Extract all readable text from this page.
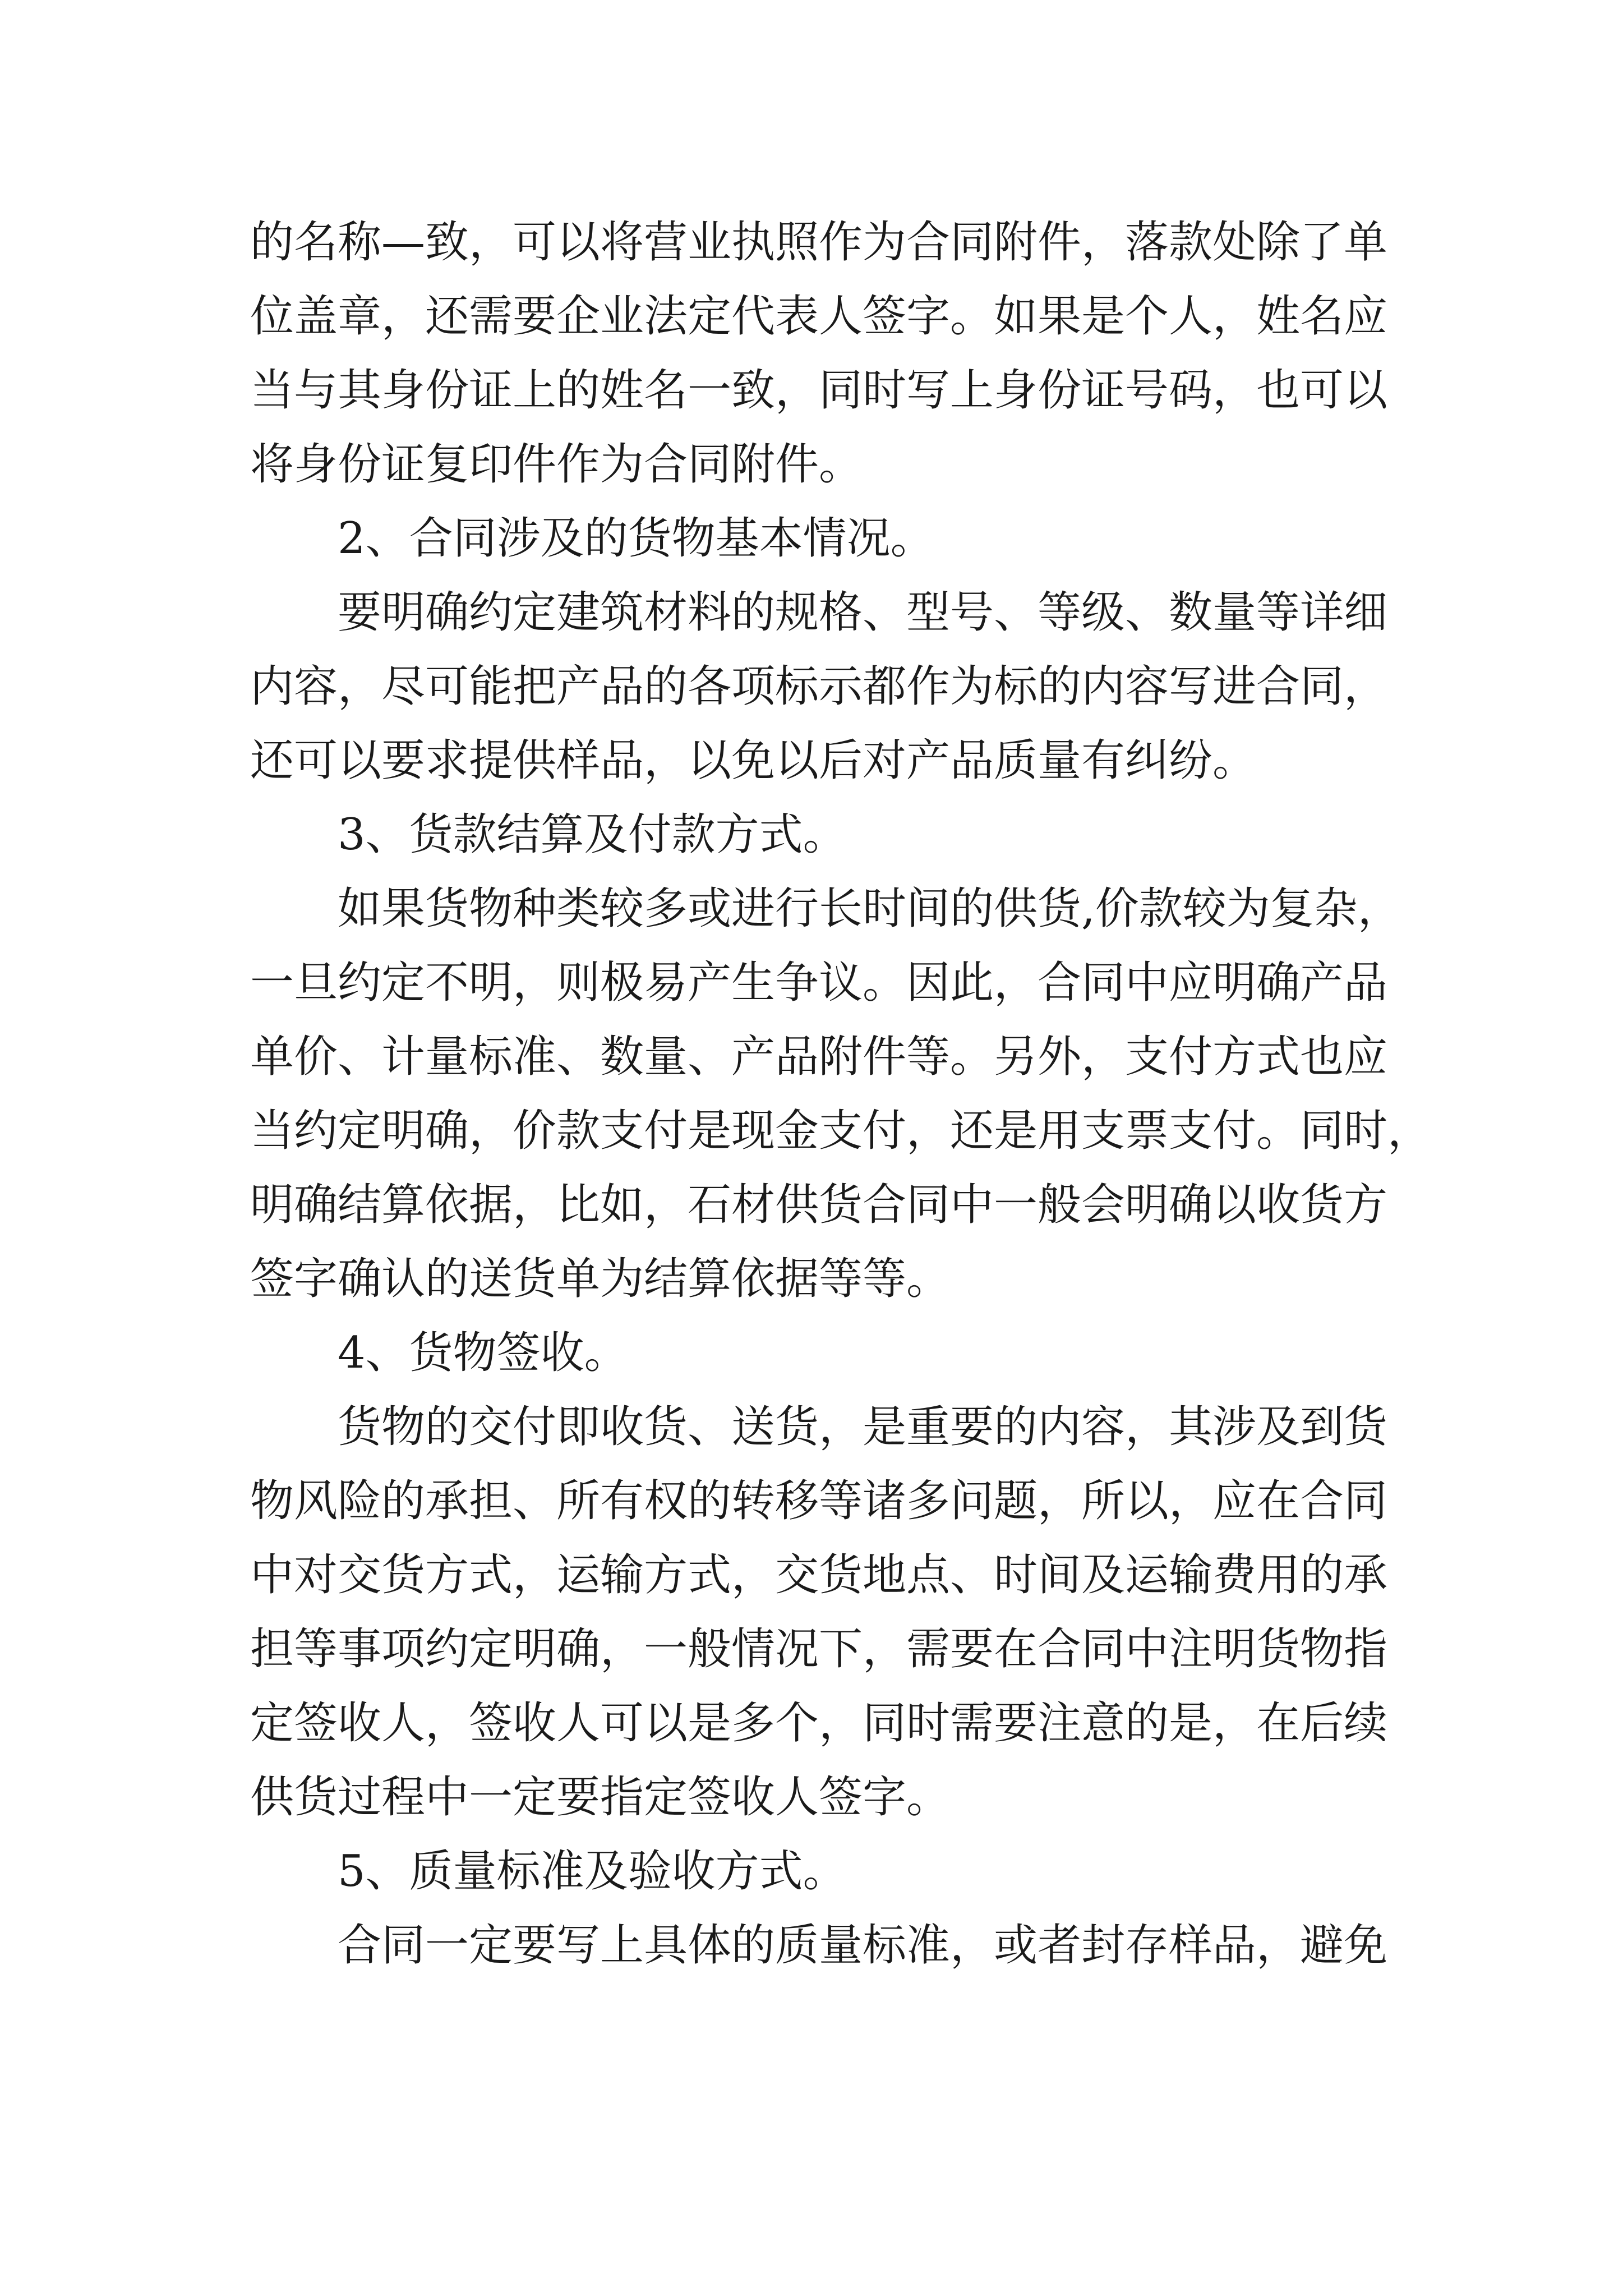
的名称—致，可以将营业执照作为合同附件，落款处除了单
位盖章，还需要企业法定代表人签字。如果是个人，姓名应
当与其身份证上的姓名一致，同时写上身份证号码，也可以
将身份证复印件作为合同附件。
2、合同涉及的货物基本情况。
要明确约定建筑材料的规格、型号、等级、数量等详细
内容，尽可能把产品的各项标示都作为标的内容写进合同，
还可以要求提供样品，以免以后对产品质量有纠纷。
3、货款结算及付款方式。
如果货物种类较多或进行长时间的供货,价款较为复杂，
一旦约定不明，则极易产生争议。因此，合同中应明确产品
单价、计量标准、数量、产品附件等。另外，支付方式也应
当约定明确，价款支付是现金支付，还是用支票支付。同时，
明确结算依据，比如，石材供货合同中一般会明确以收货方
签字确认的送货单为结算依据等等。
4、货物签收。
货物的交付即收货、送货，是重要的内容，其涉及到货
物风险的承担、所有权的转移等诸多问题，所以，应在合同
中对交货方式，运输方式，交货地点、时间及运输费用的承
担等事项约定明确，一般情况下，需要在合同中注明货物指
定签收人，签收人可以是多个，同时需要注意的是，在后续
供货过程中一定要指定签收人签字。
5、质量标准及验收方式。
合同一定要写上具体的质量标准，或者封存样品，避免
